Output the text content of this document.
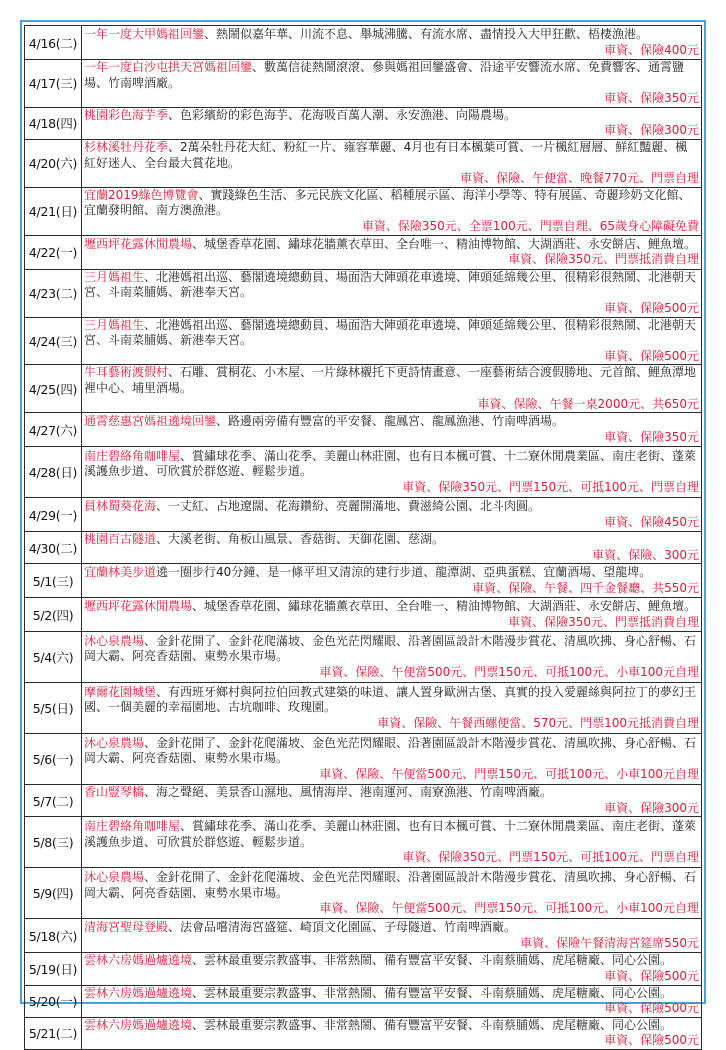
4/16(二)	一年一度大甲媽祖回鑾、熱鬧似嘉年華、川流不息、舉城沸騰、有流水席、盡情投入大甲狂歡、梧棲漁港。
車資、保險400元

4/17(三)	一年一度白沙屯拱天宮媽祖回鑾、數萬信徒熱鬧滾滾、參與媽祖回鑾盛會、沿途平安響流水席、免費響客、通霄鹽場、竹南啤酒廠。
車資、保險350元

4/18(四)	桃園彩色海芋季、色彩繽紛的彩色海芋、花海吸百萬人潮、永安漁港、向陽農場。
車資、保險300元

4/20(六)	杉林溪牡丹花季、2萬朵牡丹花大紅、粉紅一片、雍容華麗、4月也有日本楓葉可賞、一片楓紅層層、鮮紅豔麗、楓紅好迷人、全台最大賞花地。
車資、保險、午便當、晚餐770元、門票自理

4/21(日)	宜蘭2019綠色博覽會、實踐綠色生活、多元民族文化區、稻種展示區、海洋小學等、特有展區、奇麗珍奶文化館、宜蘭發明館、南方澳漁港。
車資、保險350元、全票100元、門票自理、65歲身心障礙免費

4/22(一)	壢西坪花露休閒農場、城堡香草花園、繡球花牆薰衣草田、全台唯一、精油博物館、大湖酒莊、永安餅店、鯉魚壇。
車資、保險350元、門票抵消費自理

4/23(二)	三月媽祖生、北港媽祖出巡、藝閣遶境總動員、場面浩大陣頭花車遶境、陣頭延綿幾公里、很精彩很熱鬧、北港朝天宮、斗南菜脯媽、新港奉天宮。
車資、保險500元

4/24(三)	三月媽祖生、北港媽祖出巡、藝閣遶境總動員、場面浩大陣頭花車遶境、陣頭延綿幾公里、很精彩很熱鬧、北港朝天宮、斗南菜脯媽、新港奉天宮。
車資、保險500元

4/25(四)	牛耳藝術渡假村、石雕、賞桐花、小木屋、一片綠林襯托下更詩情畫意、一座藝術結合渡假勝地、元首館、鯉魚潭地裡中心、埔里酒場。
車資、保險、午餐一桌2000元、共650元

4/27(六)	通霄慈惠宮媽祖遶境回鑾、路邊兩旁備有豐富的平安餐、龍鳳宮、龍鳳漁港、竹南啤酒場。
車資、保險350元

4/28(日)	南庄碧絡角咖啡屋、賞繡球花季、滿山花季、美麗山林莊園、也有日本楓可賞、十二寮休閒農業區、南庄老街、蓬萊溪護魚步道、可欣賞於群悠遊、輕鬆步道。
車資、保險350元、門票150元、可抵100元、門票自理

4/29(一)	員林蜀葵花海、一丈紅、占地遼闊、花海鑽紛、亮麗開滿地、費滋綺公園、北斗肉圓。
車資、保險450元

4/30(二)	桃園百古隧道、大溪老街、角板山風景、香菇街、天御花園、慈湖。
車資、保險、300元

5/1(三)	宜蘭林美步道遶一圈步行40分鐘、是一條平坦又清涼的建行步道、龍潭湖、亞典蛋糕、宜蘭酒場、望龍埤。
車資、保險、午餐、四千金餐廳、共550元

5/2(四)	壢西坪花露休閒農場、城堡香草花園、繡球花牆薰衣草田、全台唯一、精油博物館、大湖酒莊、永安餅店、鯉魚壇。
車資、保險350元、門票抵消費自理

5/4(六)	沐心泉農場、金針花開了、金針花爬滿坡、金色光茫閃耀眼、沿著園區設計木階漫步賞花、清風吹拂、身心舒暢、石岡大霸、阿亮香菇園、東勢水果市場。
車資、保險、午便當500元、門票150元、可抵100元、小車100元自理

5/5(日)	摩爾花園城堡、有西班牙鄉村與阿拉伯回教式建築的味道、讓人置身歐洲古堡、真實的投入愛麗絲與阿拉丁的夢幻王國、一個美麗的幸福園地、古坑咖啡、玫瑰園。
車資、保險、午餐西螺便當、570元、門票100元抵消費自理

5/6(一)	沐心泉農場、金針花開了、金針花爬滿坡、金色光茫閃耀眼、沿著園區設計木階漫步賞花、清風吹拂、身心舒暢、石岡大霸、阿亮香菇園、東勢水果市場。
車資、保險、午便當500元、門票150元、可抵100元、小車100元自理

5/7(二)	香山豎琴橋、海之聲絕、美景香山濕地、風情海岸、港南運河、南寮漁港、竹南啤酒廠。
車資、保險300元

5/8(三)	南庄碧絡角咖啡屋、賞繡球花季、滿山花季、美麗山林莊園、也有日本楓可賞、十二寮休閒農業區、南庄老街、蓬萊溪護魚步道、可欣賞於群悠遊、輕鬆步道。
車資、保險350元、門票150元、可抵100元、門票自理

5/9(四)	沐心泉農場、金針花開了、金針花爬滿坡、金色光茫閃耀眼、沿著園區設計木階漫步賞花、清風吹拂、身心舒暢、石岡大霸、阿亮香菇園、東勢水果市場。
車資、保險、午便當500元、門票150元、可抵100元、小車100元自理

5/18(六)	清海宮聖母登殿、法會品嚐清海宮盛筵、崎頂文化園區、子母隧道、竹南啤酒廠。
車資、保險午餐清海宮筵席550元

5/19(日)	雲林六房媽過爐遶境、雲林最重要宗教盛事、非常熱鬧、備有豐富平安餐、斗南蔡脯媽、虎尾糖廠、同心公園。
車資、保險500元

5/20(一)	雲林六房媽過爐遶境、雲林最重要宗教盛事、非常熱鬧、備有豐富平安餐、斗南蔡脯媽、虎尾糖廠、同心公園。
車資、保險500元

5/21(二)	雲林六房媽過爐遶境、雲林最重要宗教盛事、非常熱鬧、備有豐富平安餐、斗南蔡脯媽、虎尾糖廠、同心公園。
車資、保險500元
